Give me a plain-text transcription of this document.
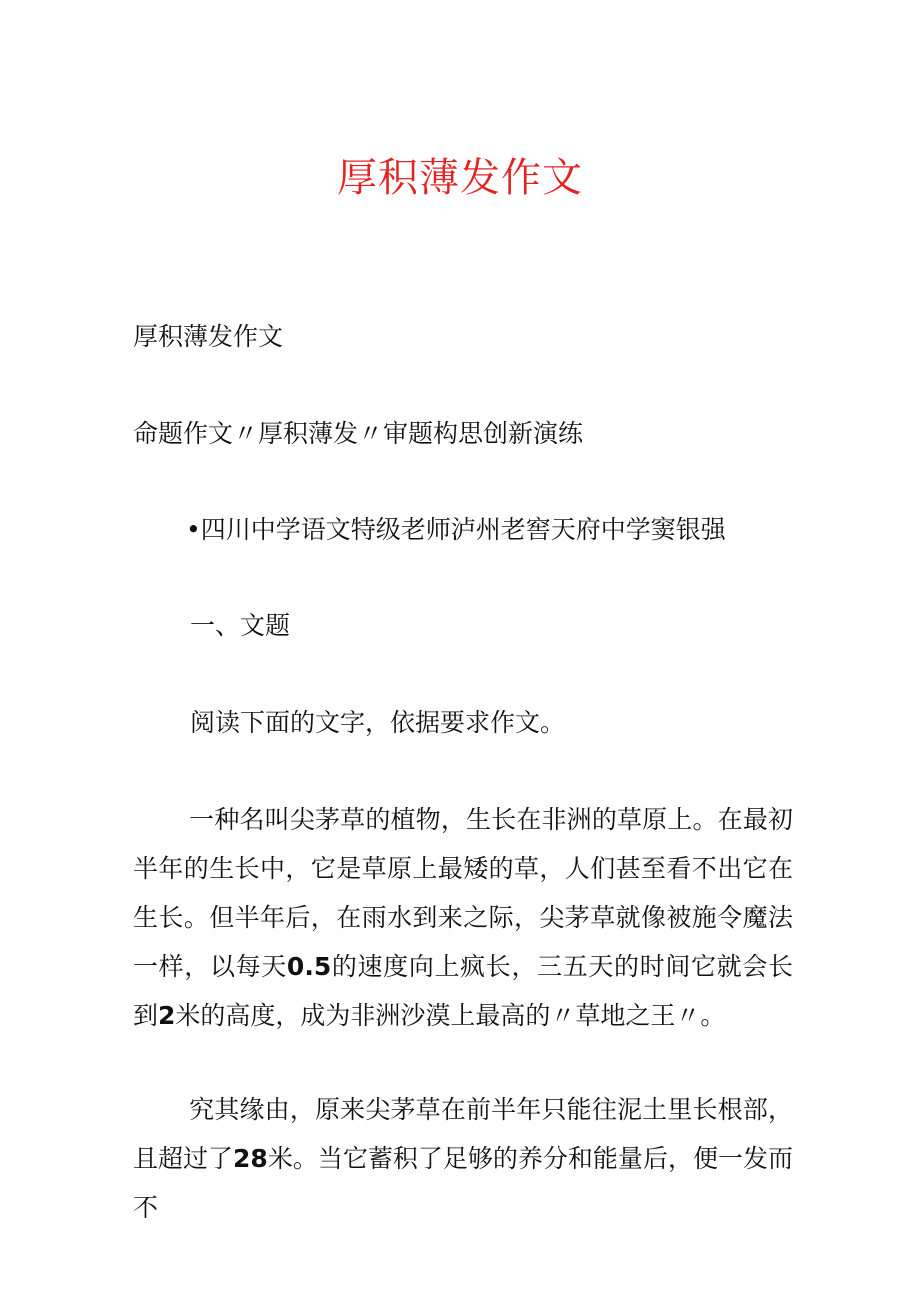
厚积薄发作文

厚积薄发作文

命题作文〃厚积薄发〃审题构思创新演练

•四川中学语文特级老师泸州老窖天府中学窦银强

一、文题

阅读下面的文字，依据要求作文。

一种名叫尖茅草的植物，生长在非洲的草原上。在最初半年的生长中，它是草原上最矮的草，人们甚至看不出它在生长。但半年后，在雨水到来之际，尖茅草就像被施令魔法一样，以每天0.5的速度向上疯长，三五天的时间它就会长到2米的高度，成为非洲沙漠上最高的〃草地之王〃。

究其缘由，原来尖茅草在前半年只能往泥土里长根部，且超过了28米。当它蓄积了足够的养分和能量后，便一发而不
